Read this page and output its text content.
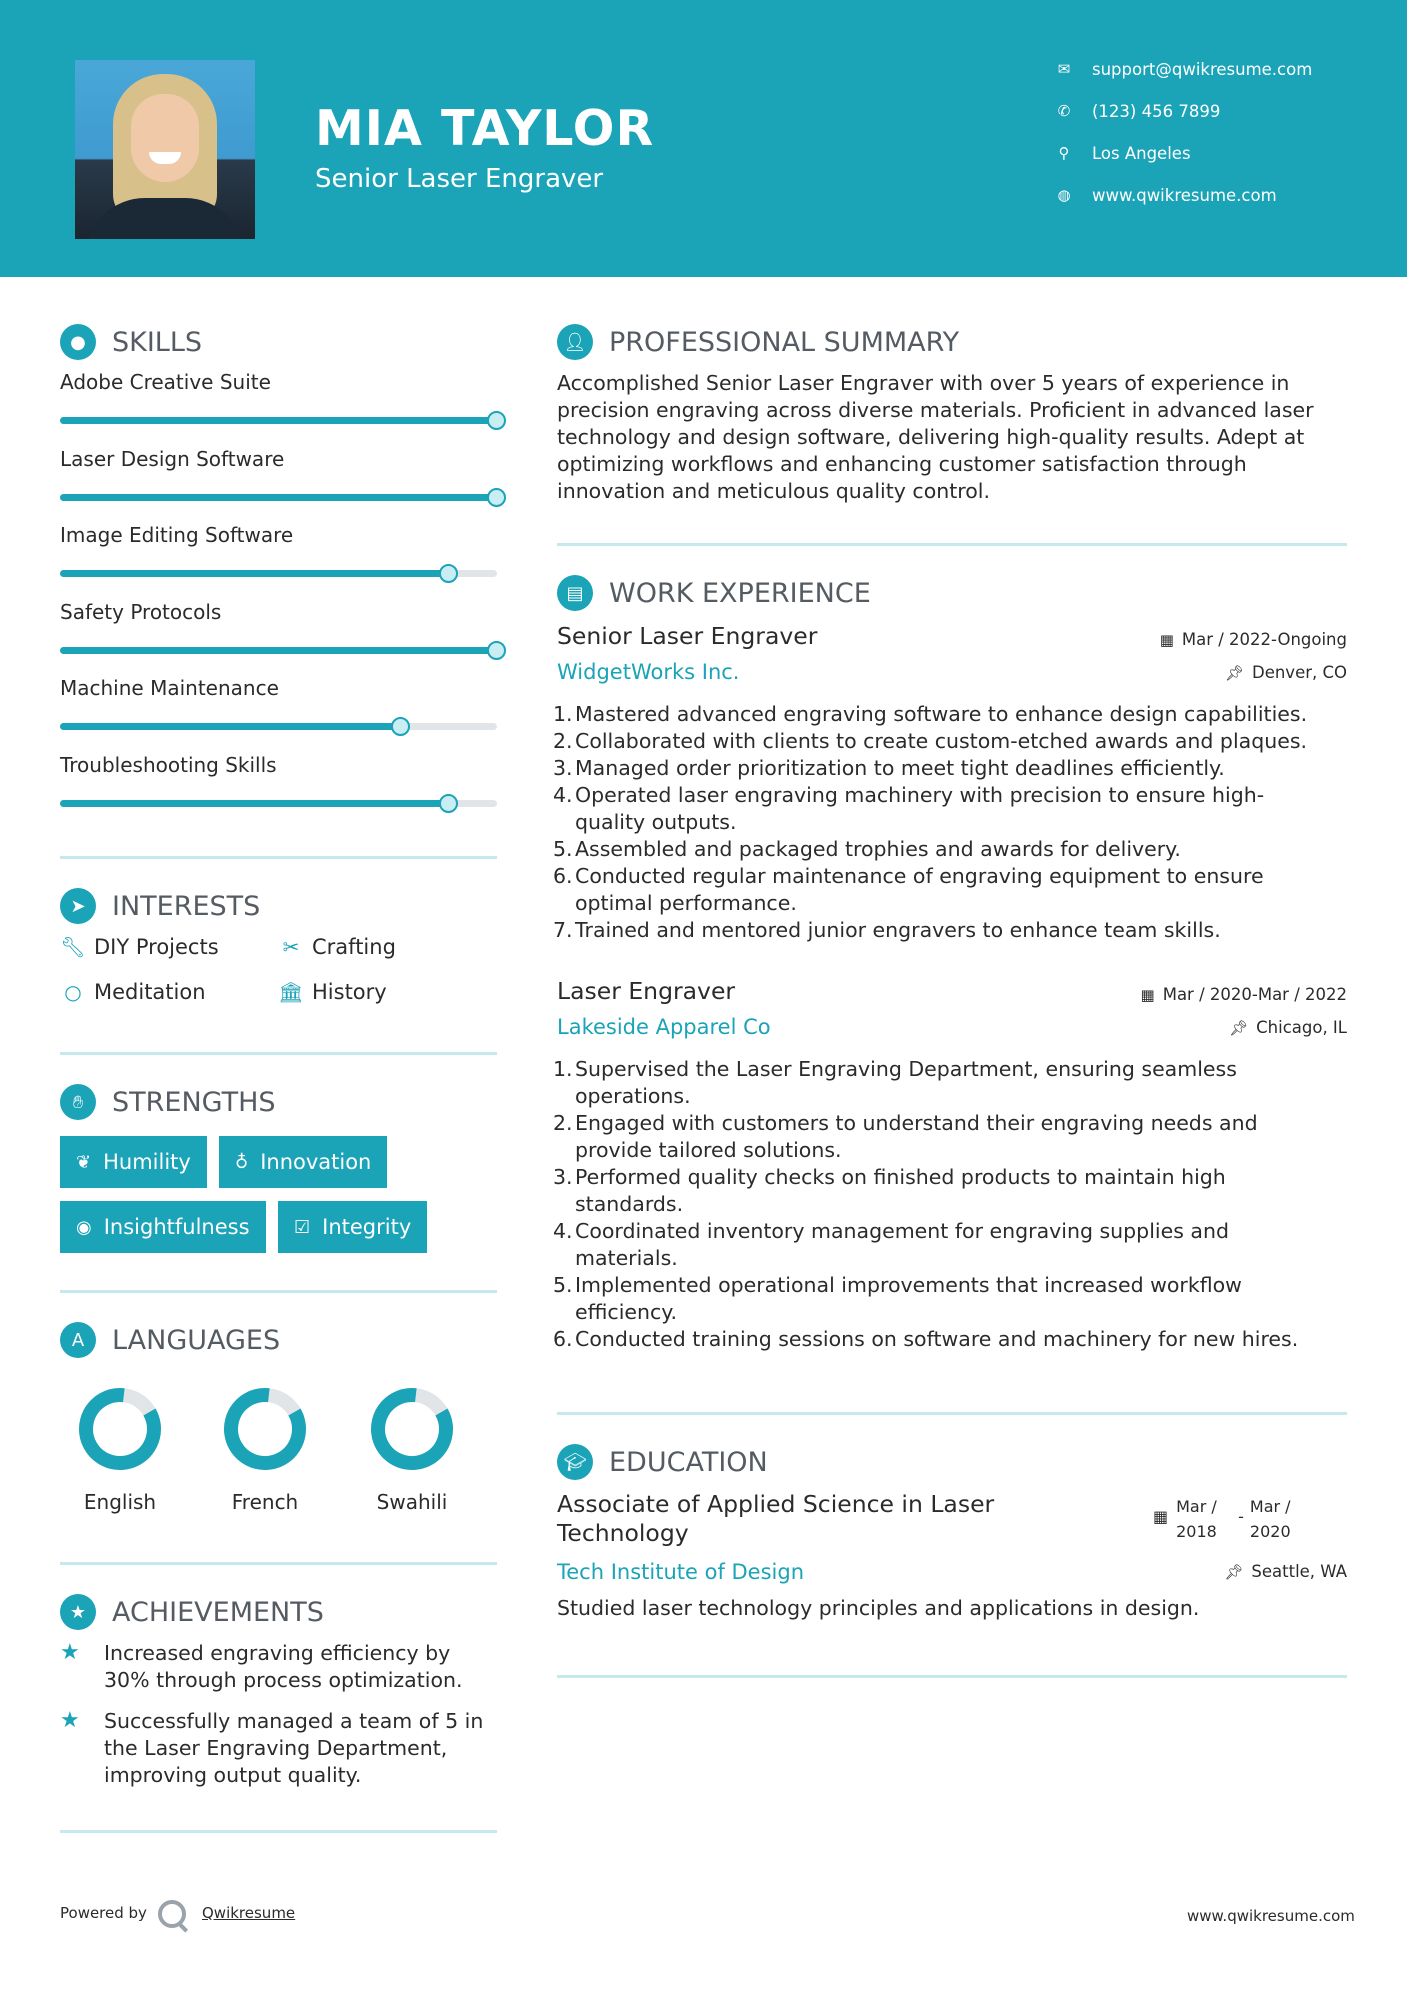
MIA TAYLOR
Senior Laser Engraver
✉ support@qwikresume.com
✆ (123) 456 7899
⚲ Los Angeles
◍ www.qwikresume.com
● SKILLS
Adobe Creative Suite
Laser Design Software
Image Editing Software
Safety Protocols
Machine Maintenance
Troubleshooting Skills
➤ INTERESTS
🔧︎ DIY Projects	✂ Crafting
○ Meditation	🏛︎ History
✋︎	STRENGTHS
❦ Humility ♁ Innovation
◉ Insightfulness ☑ Integrity
A	LANGUAGES
English	French	Swahili
★ ACHIEVEMENTS
★	Increased engraving efficiency by
30% through process optimization.
★	Successfully managed a team of 5 in
the Laser Engraving Department,
improving output quality.
👤︎ PROFESSIONAL SUMMARY
Accomplished Senior Laser Engraver with over 5 years of experience in
precision engraving across diverse materials. Proficient in advanced laser
technology and design software, delivering high-quality results. Adept at
optimizing workflows and enhancing customer satisfaction through
innovation and meticulous quality control.
▤ WORK EXPERIENCE
Senior Laser Engraver	▦ Mar / 2022-Ongoing
WidgetWorks Inc.	📌︎ Denver, CO
1. Mastered advanced engraving software to enhance design capabilities.
2. Collaborated with clients to create custom-etched awards and plaques.
3. Managed order prioritization to meet tight deadlines efficiently.
4. Operated laser engraving machinery with precision to ensure high-
quality outputs.
5. Assembled and packaged trophies and awards for delivery.
6. Conducted regular maintenance of engraving equipment to ensure
optimal performance.
7. Trained and mentored junior engravers to enhance team skills.
Laser Engraver	▦ Mar / 2020-Mar / 2022
Lakeside Apparel Co	📌︎ Chicago, IL
1. Supervised the Laser Engraving Department, ensuring seamless
operations.
2. Engaged with customers to understand their engraving needs and
provide tailored solutions.
3. Performed quality checks on finished products to maintain high
standards.
4. Coordinated inventory management for engraving supplies and
materials.
5. Implemented operational improvements that increased workflow
efficiency.
6. Conducted training sessions on software and machinery for new hires.
🎓︎ EDUCATION
Associate of Applied Science in Laser
Technology
▦
Mar /
2018
-
Mar /
2020
Tech Institute of Design	📌︎ Seattle, WA
Studied laser technology principles and applications in design.
Powered by	Qwikresume	www.qwikresume.com
